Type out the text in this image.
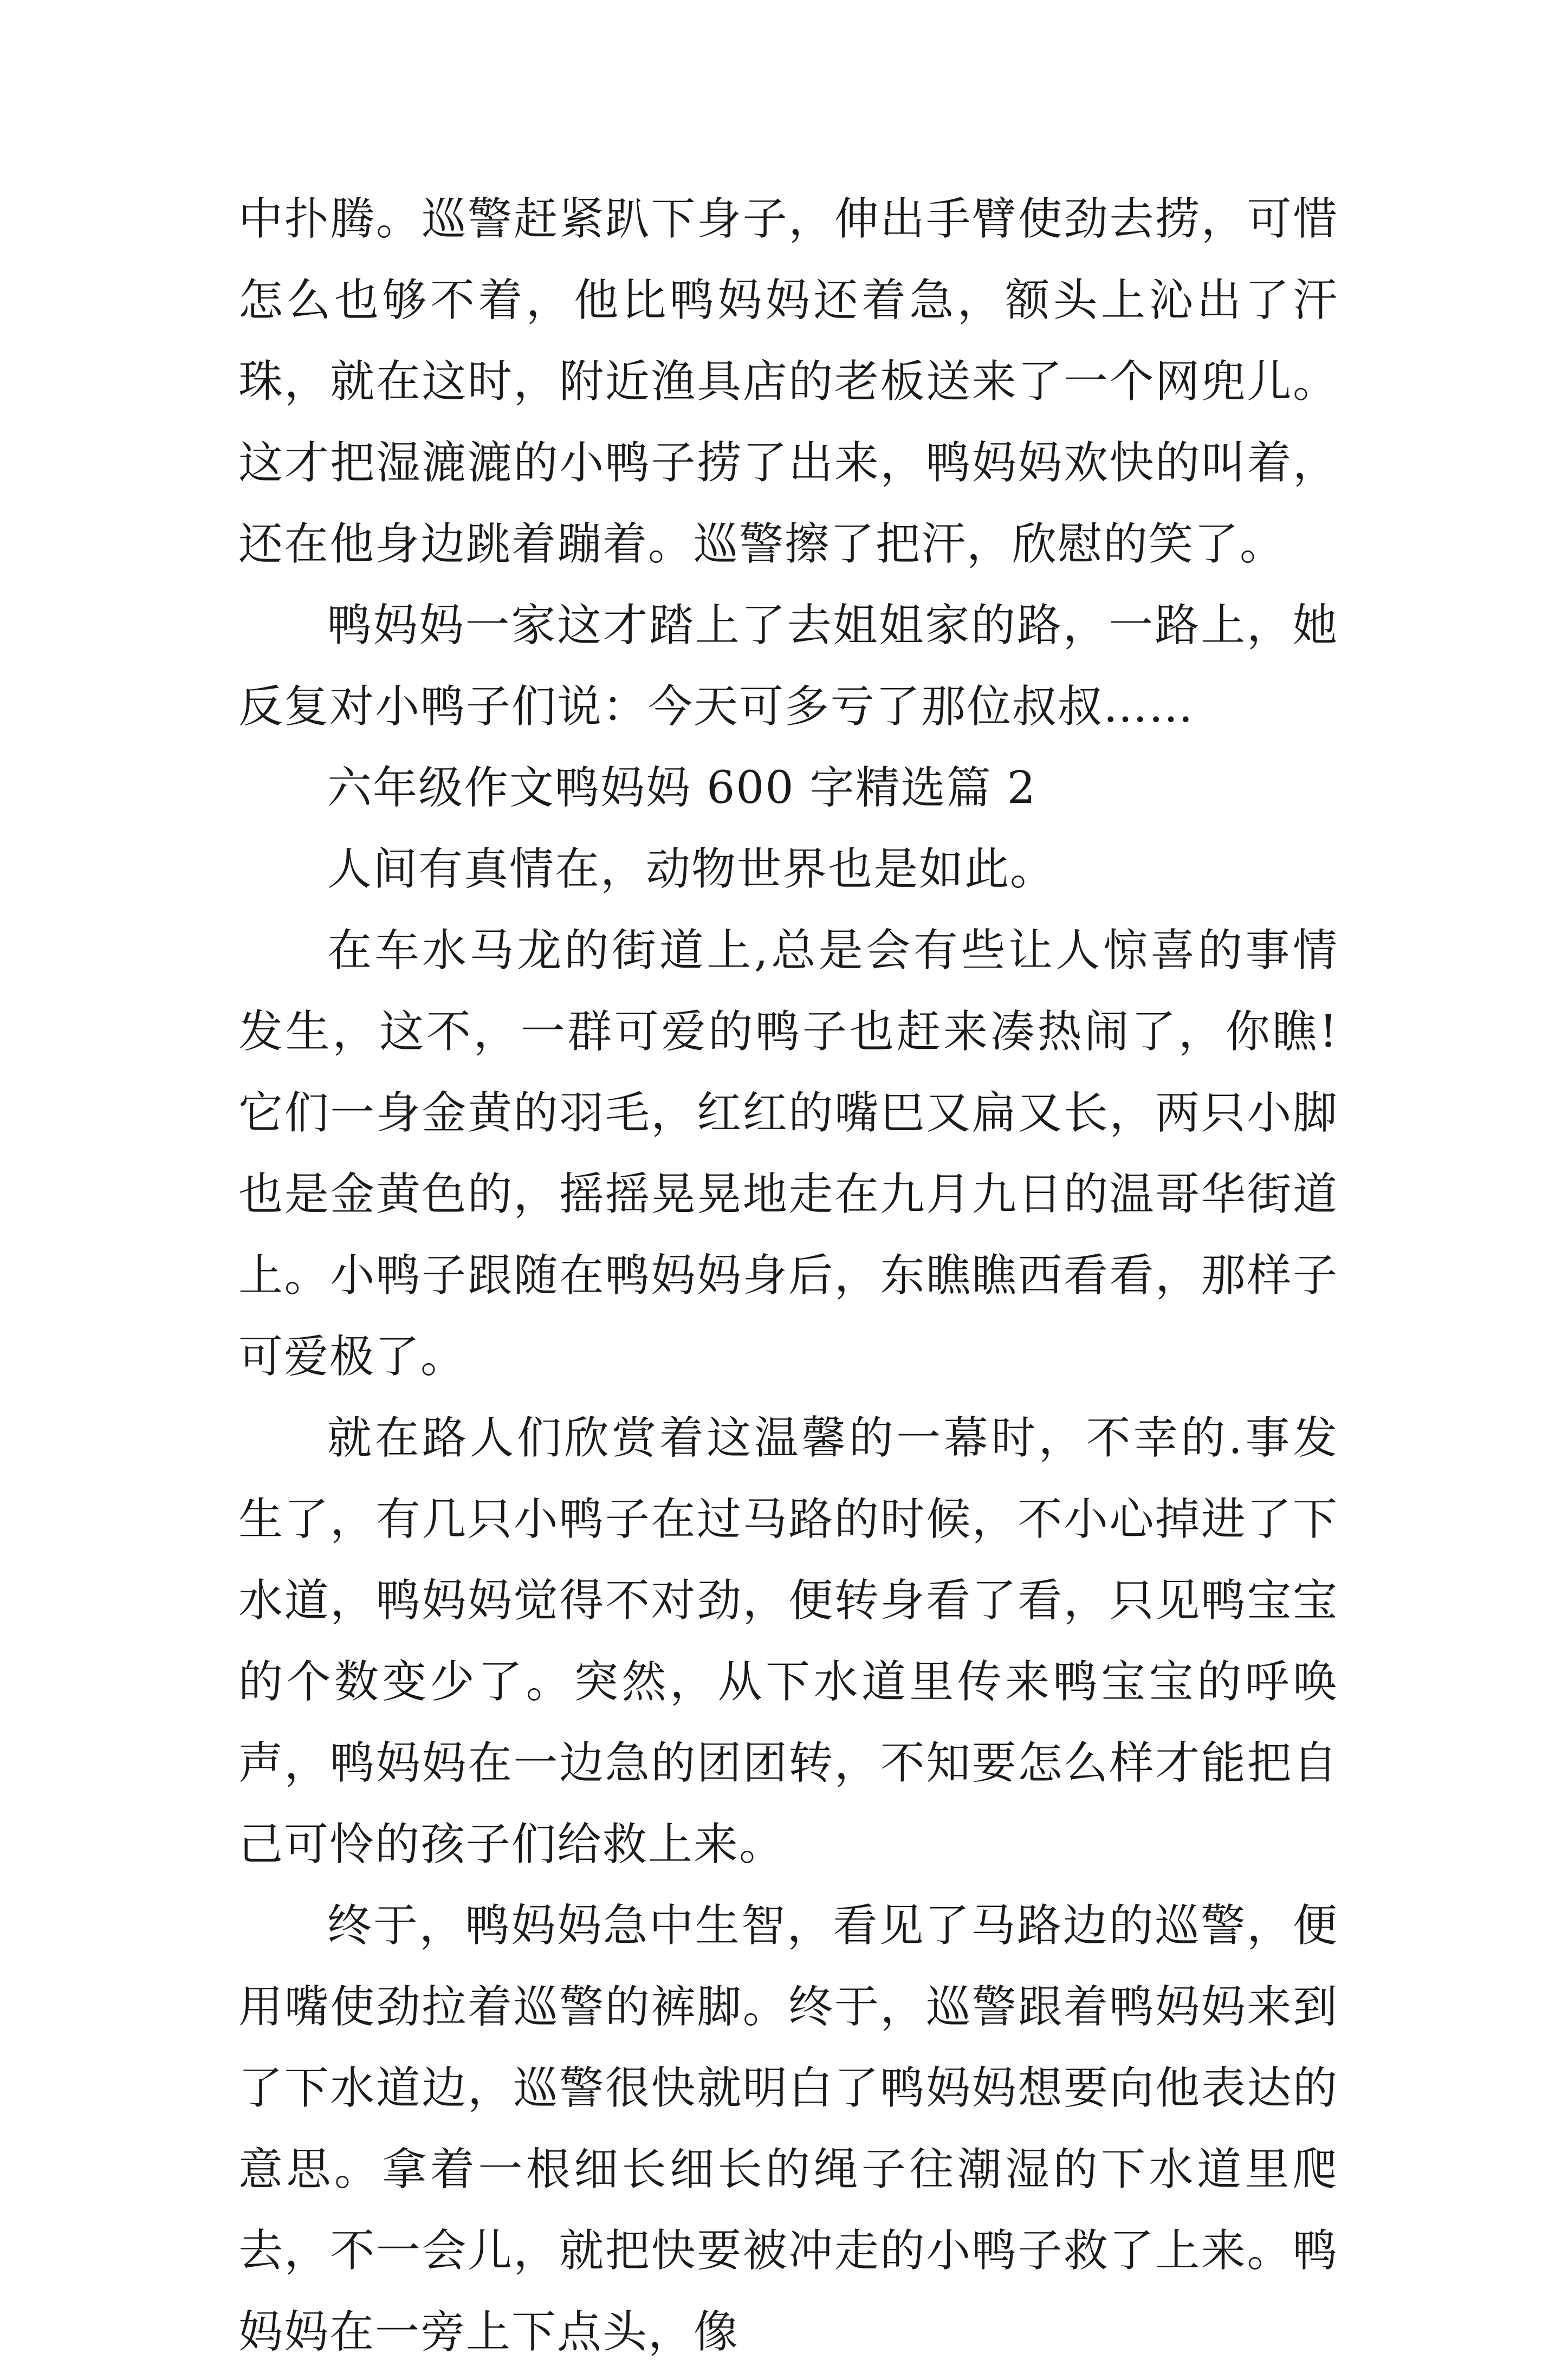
中扑腾。巡警赶紧趴下身子，伸出手臂使劲去捞，可惜怎么也够不着，他比鸭妈妈还着急，额头上沁出了汗珠，就在这时，附近渔具店的老板送来了一个网兜儿。这才把湿漉漉的小鸭子捞了出来，鸭妈妈欢快的叫着，还在他身边跳着蹦着。巡警擦了把汗，欣慰的笑了。

鸭妈妈一家这才踏上了去姐姐家的路，一路上，她反复对小鸭子们说：今天可多亏了那位叔叔……

六年级作文鸭妈妈 600 字精选篇 2

人间有真情在，动物世界也是如此。

在车水马龙的街道上,总是会有些让人惊喜的事情发生，这不，一群可爱的鸭子也赶来凑热闹了，你瞧!它们一身金黄的羽毛，红红的嘴巴又扁又长，两只小脚也是金黄色的，摇摇晃晃地走在九月九日的温哥华街道上。小鸭子跟随在鸭妈妈身后，东瞧瞧西看看，那样子可爱极了。

就在路人们欣赏着这温馨的一幕时，不幸的.事发生了，有几只小鸭子在过马路的时候，不小心掉进了下水道，鸭妈妈觉得不对劲，便转身看了看，只见鸭宝宝的个数变少了。突然，从下水道里传来鸭宝宝的呼唤声，鸭妈妈在一边急的团团转，不知要怎么样才能把自己可怜的孩子们给救上来。

终于，鸭妈妈急中生智，看见了马路边的巡警，便用嘴使劲拉着巡警的裤脚。终于，巡警跟着鸭妈妈来到了下水道边，巡警很快就明白了鸭妈妈想要向他表达的意思。拿着一根细长细长的绳子往潮湿的下水道里爬去，不一会儿，就把快要被冲走的小鸭子救了上来。鸭妈妈在一旁上下点头，像
